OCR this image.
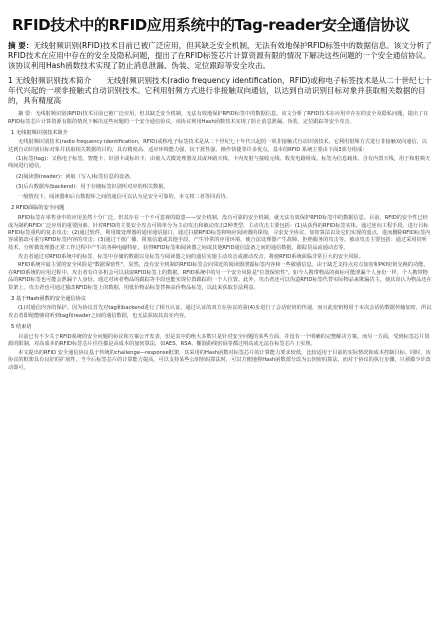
RFID技术中的RFID应用系统中的Tag-reader安全通信协议
摘 要：无线射频识别(RFID)技术目前已被广泛应用，但其缺乏安全机制，无法有效地保护RFID标签中的数据信息。该文分析了RFID技术在应用中存在的安全及隐私问题，提出了在RFID标签芯片计算资源有限的情况下解决这些问题的一个安全通信协议。该协议利用Hash函数技术实现了防止消息泄漏、伪装、定位跟踪等安全攻击。
1 无线射频识别技术简介　　无线射频识别技术(radio frequency identification，RFID)或称电子标签技术是从二十世纪七十年代兴起的一项非接触式自动识别技术。它利用射频方式进行非接触双向通信，以达到自动识别目标对象并获取相关数据的目的，具有精度高

摘 要：无线射频识别(RFID)技术目前已被广泛应用，但其缺乏安全机制，无法有效地保护RFID标签中的数据信息。该文分析了RFID技术在应用中存在的安全及隐私问题，提出了在RFID标签芯片计算资源有限的情况下解决这些问题的一个安全通信协议。该协议利用Hash函数技术实现了防止消息泄漏、伪装、定位跟踪等安全攻击。

1 无线射频识别技术简介

无线射频识别技术(radio frequency identification，RFID)或称电子标签技术是从二十世纪七十年代兴起的一项非接触式自动识别技术。它利用射频方式进行非接触双向通信，以达到自动识别目标对象并获取相关数据的目的，具有精度高、适应环境能力强、抗干扰性强、操作快捷等许多优点。基本的RFID 系统主要由下面3部分组成：

(1)标签(tag)：又称电子标签、智能卡、识别卡或标识卡，由嵌入式微处理器及其或环路天线、卡内发射与接收元线、收发电路组成。标签为信息载体，含有内置天线，用于和射频天线间进行通信。

(2)阅读器(reader)：读取（写入)标签信息的设备。

(3)后台数据库(backend)：用于存储标签识别所对应的相关数据。

一般情况下，阅读器和后台数据库之间的通信可以认为是安全可靠的，本文将二者等同看待。

2 RFID面临的安全问题

RFID标签在零售业中的应用虽然十分广泛，但其存在一个不可忽视的隐患——安全机制。没有可靠的安全机制，就无法有效保护RFID标签中的数据信息。目前，RFID的安全性已经成为制约RFID广泛应用的重要因素。针对RFID的主要安全攻击可简单分为主动攻击和被动攻击2种类型。主动攻击主要包括：(1)从获得的RFID标签实体，通过逆向工程手段，进行目标RFID标签重构的复杂攻击；(2)通过软件，利用微处理器的通用通信接口，通过扫描RFID标签和响应阅读器的探询，寻求安全协议、加密算法以及它们实现的弱点，进而删除RFID标签内容或篡改可重写RFID标签内容的攻击；(3)通过干扰广播、阻塞信道或其他手段，产生异常的应用环境，使合法处理器产生故障，拒绝服务的攻击等。被动攻击主要包括：通过采用窃听技术，分析微处理器正常工作过程中产生的各种电磁特征，获得RFID标签和阅读器之间或其他RFID通信设备之间的通信数据，跟踪货品流通动态等。

攻击者通过对RFID系统中的标签、标签中存储的数据以及标签与阅读器之间的通信实施主动攻击或被动攻击，将使RFID系统面临非常巨大的安全风险。

RFID系统中最主要的安全风险是"数据保密性"。显然，没有安全机制的RFID标签会向邻近的阅读器泄露标签内容和一些敏感信息。由于缺乏支持点对点加密和PKI密钥交换的功能，在RFID系统的应用过程中，攻击者有许多机会可以获取RFID标签上的数据。RFID系统中的另一个安全风险是"位置保密性"。如今人携带物品的商标可能泄漏个人身份一样，个人携带物品的RFID标签也可能会泄漏个人身份。通过对读者物品的跟踪等手段也能实现位置跟踪的一个人位置。此外，攻击者还可以伪造RFID标签代替实际物品来欺骗货主，使其误认为物品还在货架上。攻击者也可通过篡改RFID标签上的数据，用低价物品标签替换高价物品标签，以此来获取非法利益。

3 基于Hash函数的安全通信协议

(1)对通信内容的保护。因为协议首先对tag和backend进行了相互认证，通过认证的双方在协议的第(4)步进行了会话密钥的传递，而且此密钥将用于本次会话的数据传输加密，所以攻击者即使能够窃听到tag和reader之间的通信数据，也无法获取其真实内容。

5 结束语

目前已有不少关于RFID系统的安全问题的协议和方案公开发表，但是其中的绝大多数只是针对安全问题的某些方面，并没有一个明确的完整解决方案。而另一方面，受到标签芯片资源的限制，对高成本的RFID标签芯片往往都是高成本的加密算法，如AES、RSA、椭圆曲线密码等都过明高或无法在标签芯片上实现。

本文提出的RFID 安全通信协议基于传统的challenge—response框架，其采用的Hash函数对标签芯片的计算能力要求较低，比较适用于目前的实际情况和成本控制目标。同时，该协议的框架具有良好的扩展性，当今后标签芯片的计算能力提高，可以支持某些公钥密码算法时，可以方便地将Hash函数部分改为公钥密码算法，而对于协议的执行步骤，只须做少许改动即可。
